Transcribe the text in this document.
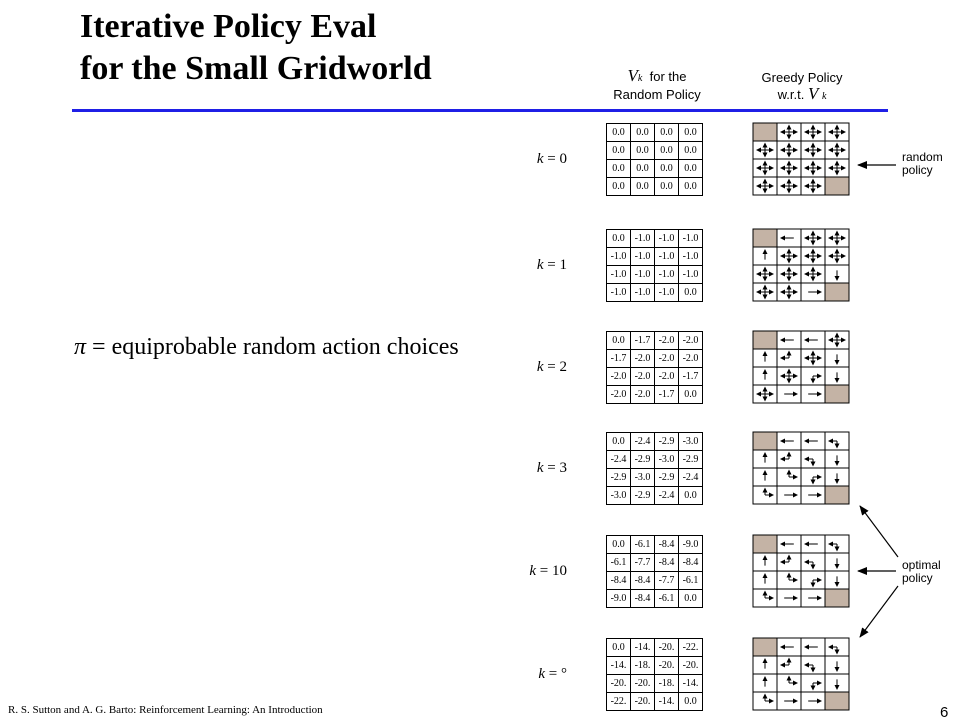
Iterative Policy Eval
for the Small Gridworld	Vk for the
Random Policy
Greedy Policy
w.r.t. V k
π = equiprobable random action choices
k = 0
0.0	0.0	0.0	0.0
0.0	0.0	0.0	0.0
0.0	0.0	0.0	0.0
0.0	0.0	0.0	0.0
k = 1
0.0	-1.0	-1.0	-1.0
-1.0	-1.0	-1.0	-1.0
-1.0	-1.0	-1.0	-1.0
-1.0	-1.0	-1.0	0.0
k = 2
0.0	-1.7	-2.0	-2.0
-1.7	-2.0	-2.0	-2.0
-2.0	-2.0	-2.0	-1.7
-2.0	-2.0	-1.7	0.0
k = 3
0.0	-2.4	-2.9	-3.0
-2.4	-2.9	-3.0	-2.9
-2.9	-3.0	-2.9	-2.4
-3.0	-2.9	-2.4	0.0
k = 10
0.0	-6.1	-8.4	-9.0
-6.1	-7.7	-8.4	-8.4
-8.4	-8.4	-7.7	-6.1
-9.0	-8.4	-6.1	0.0
k = °
0.0	-14.	-20.	-22.
-14.	-18.	-20.	-20.
-20.	-20.	-18.	-14.
-22.	-20.	-14.	0.0
random
policy
optimal
policy
R. S. Sutton and A. G. Barto: Reinforcement Learning: An Introduction	6
